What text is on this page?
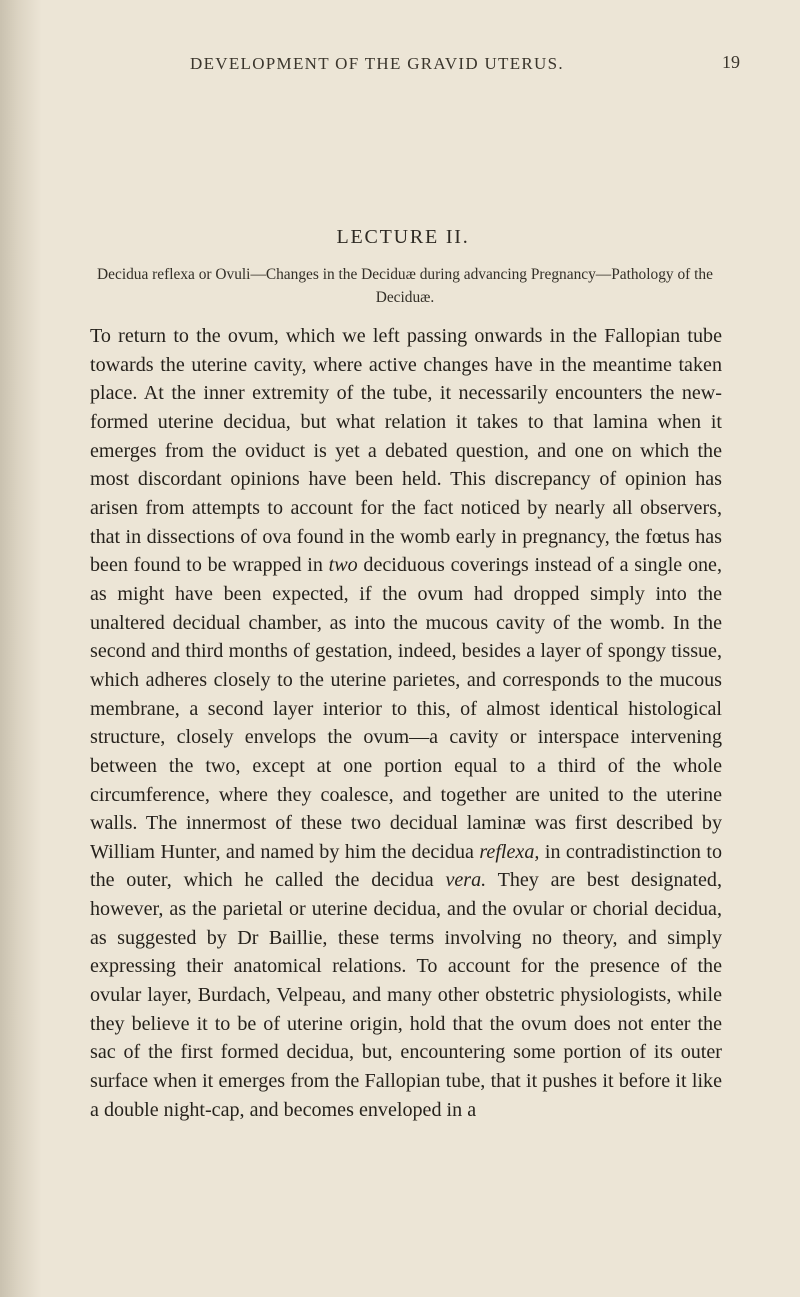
DEVELOPMENT OF THE GRAVID UTERUS.	19
LECTURE II.
Decidua reflexa or Ovuli—Changes in the Deciduæ during advancing Pregnancy—Pathology of the Deciduæ.

To return to the ovum, which we left passing onwards in the Fallopian tube towards the uterine cavity, where active changes have in the meantime taken place. At the inner extremity of the tube, it necessarily encounters the new-formed uterine decidua, but what relation it takes to that lamina when it emerges from the oviduct is yet a debated question, and one on which the most discordant opinions have been held. This discrepancy of opinion has arisen from attempts to account for the fact noticed by nearly all observers, that in dissections of ova found in the womb early in pregnancy, the fœtus has been found to be wrapped in two deciduous coverings instead of a single one, as might have been expected, if the ovum had dropped simply into the unaltered decidual chamber, as into the mucous cavity of the womb. In the second and third months of gestation, indeed, besides a layer of spongy tissue, which adheres closely to the uterine parietes, and corresponds to the mucous membrane, a second layer interior to this, of almost identical histological structure, closely envelops the ovum—a cavity or interspace intervening between the two, except at one portion equal to a third of the whole circumference, where they coalesce, and together are united to the uterine walls. The innermost of these two decidual laminæ was first described by William Hunter, and named by him the decidua reflexa, in contradistinction to the outer, which he called the decidua vera. They are best designated, however, as the parietal or uterine decidua, and the ovular or chorial decidua, as suggested by Dr Baillie, these terms involving no theory, and simply expressing their anatomical relations. To account for the presence of the ovular layer, Burdach, Velpeau, and many other obstetric physiologists, while they believe it to be of uterine origin, hold that the ovum does not enter the sac of the first formed decidua, but, encountering some portion of its outer surface when it emerges from the Fallopian tube, that it pushes it before it like a double night-cap, and becomes enveloped in a
